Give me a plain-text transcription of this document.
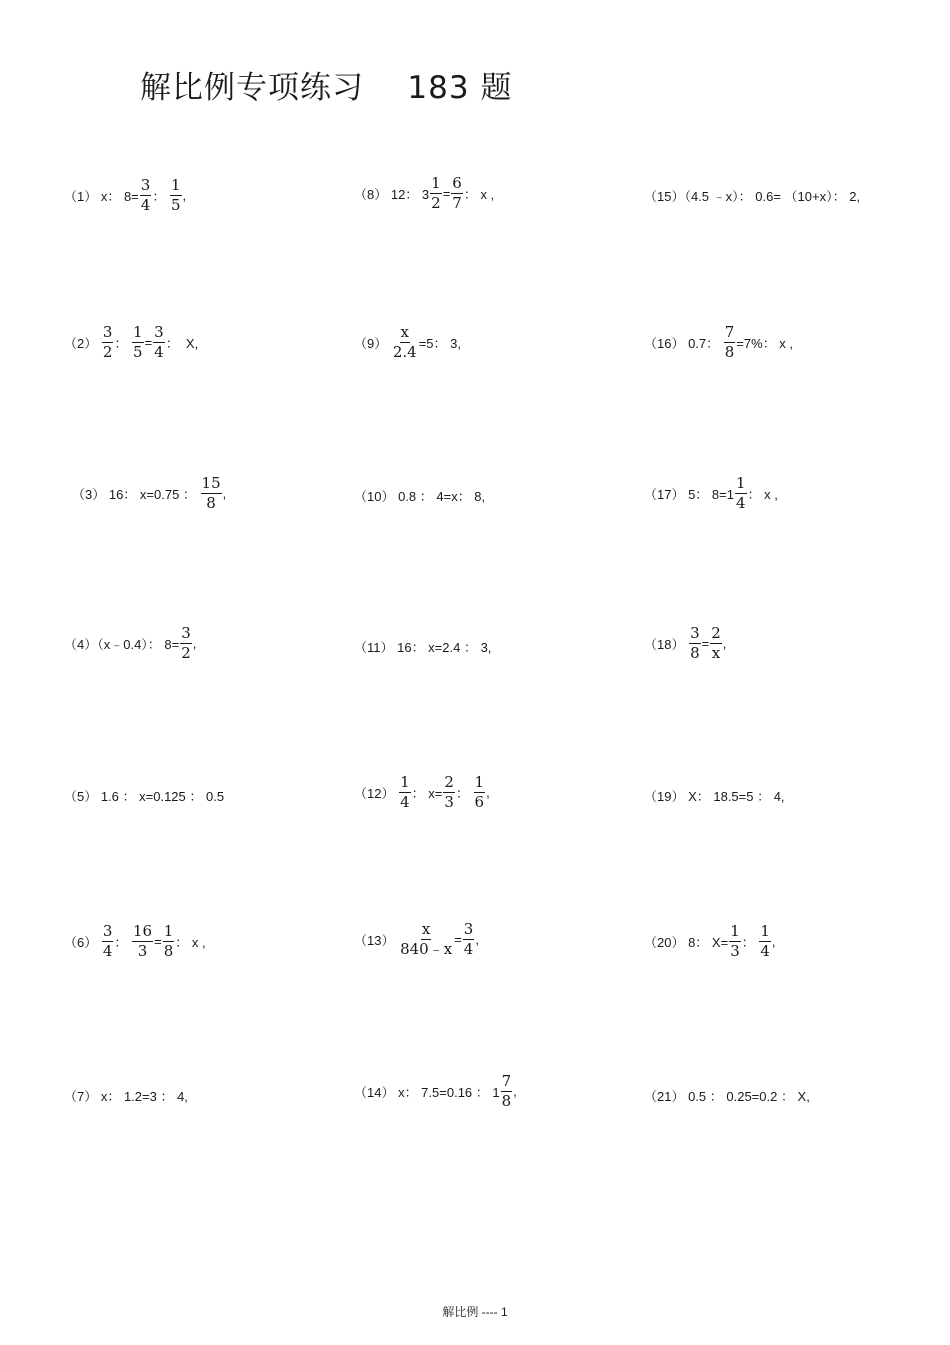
解比例专项练习    183 题
（1） x： $8= \frac{3}{4}$ ： $\frac{1}{5}$ ,
$(2) \frac{3}{2}$ ： $\frac{1}{5} = \frac{3}{4}$ ：  X,
（3） 16： x=0.75 ： $\frac{15}{8}$ ,
（4）（x﹣0.4）： $8= \frac{3}{2}$ ,
（5） 1.6 ： x=0.125 ： 0.5
$(6) \frac{3}{4}$ ： $\frac{16}{3} = \frac{1}{8}$ ： x ,
（7） x： 1.2=3 ： 4,
（8） 12： $3 \frac{1}{2} = \frac{6}{7}$ ： x ,
$(9) \frac{x}{2.4} =5$： 3,
（10） 0.8 ： 4=x： 8,
（11） 16： x=2.4 ： 3,
$(12) \frac{1}{4}$ ： $x= \frac{2}{3}$ ： $\frac{1}{6}$ ,
$(13) \frac{x}{840﹣x} = \frac{3}{4}$ ,
（14） x： 7.5=0.16 ： $1 \frac{7}{8}$ ,
（15）（4.5 ﹣x）： 0.6= （10+x）： 2,
（16） 0.7： $\frac{7}{8} =7\%$： x ,
（17） 5： $8=1 \frac{1}{4}$ ： x ,
$(18) \frac{3}{8} = \frac{2}{x}$ ,
（19） X： 18.5=5 ： 4,
（20） 8： $X= \frac{1}{3}$ ： $\frac{1}{4}$ ,
（21） 0.5 ： 0.25=0.2 ： X,
解比例 ---- 1
